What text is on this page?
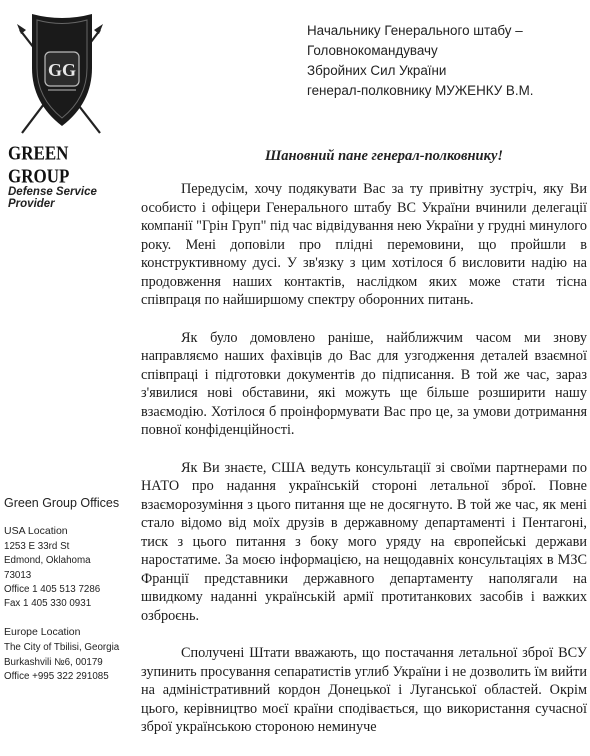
GG
GREEN GROUP
Defense Service Provider
Начальнику Генерального штабу –
Головнокомандувачу
Збройних Сил України
генерал-полковнику МУЖЕНКУ В.М.
Шановний пане генерал-полковнику!

Передусім, хочу подякувати Вас за ту привітну зустріч, яку Ви особисто і офіцери Генерального штабу ВС України вчинили делегації компанії "Грін Груп" під час відвідування нею України у грудні минулого року. Мені доповіли про плідні перемовини, що пройшли в конструктивному дусі. У зв'язку з цим хотілося б висловити надію на продовження наших контактів, наслідком яких може стати тісна співпраця по найширшому спектру оборонних питань.

Як було домовлено раніше, найближчим часом ми знову направляємо наших фахівців до Вас для узгодження деталей взаємної співпраці і підготовки документів до підписання. В той же час, зараз з'явилися нові обставини, які можуть ще більше розширити нашу взаємодію. Хотілося б проінформувати Вас про це, за умови дотримання повної конфіденційності.

Як Ви знаєте, США ведуть консультації зі своїми партнерами по НАТО про надання українській стороні летальної зброї. Повне взаєморозуміння з цього питання ще не досягнуто. В той же час, як мені стало відомо від моїх друзів в державному департаменті і Пентагоні, тиск з цього питання з боку мого уряду на європейські держави наростатиме. За моєю інформацією, на нещодавніх консультаціях в МЗС Франції представники державного департаменту наполягали на швидкому наданні українській армії протитанкових засобів і важких озброєнь.

Сполучені Штати вважають, що постачання летальної зброї ВСУ зупинить просування сепаратистів углиб України і не дозволить їм вийти на адміністративний кордон Донецької і Луганської областей. Окрім цього, керівництво моєї країни сподівається, що використання сучасної зброї українською стороною неминуче

Green Group Offices
USA Location
1253 E 33rd St
Edmond, Oklahoma
73013
Office 1 405 513 7286
Fax 1 405 330 0931
Europe Location
The City of Tbilisi, Georgia
Burkashvili №6, 00179
Office +995 322 291085
